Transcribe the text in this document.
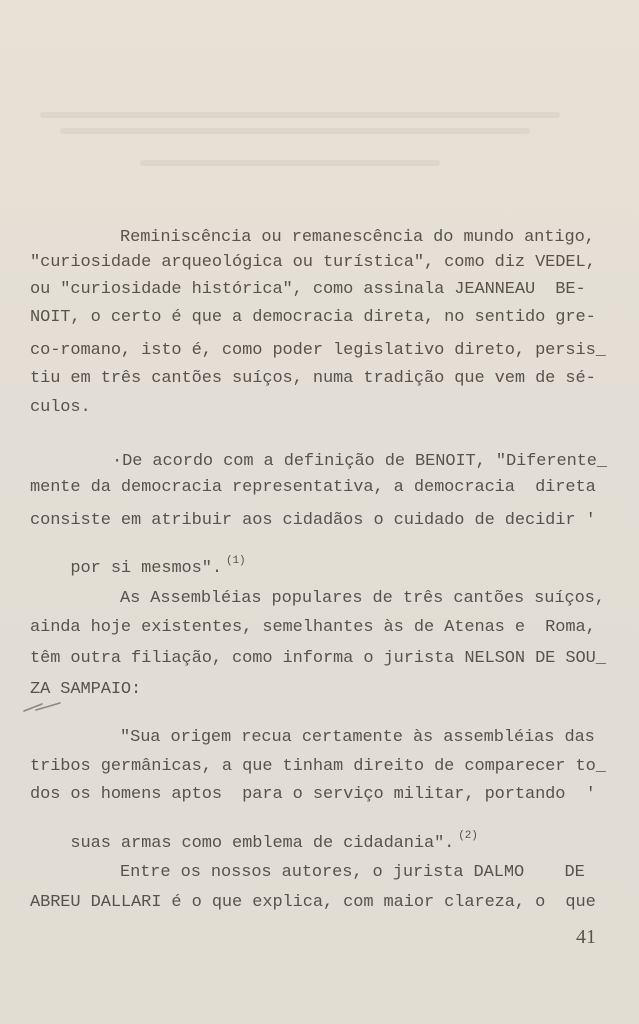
Reminiscência ou remanescência do mundo antigo,
"curiosidade arqueológica ou turística", como diz VEDEL,
ou "curiosidade histórica", como assinala JEANNEAU  BE-
NOIT, o certo é que a democracia direta, no sentido gre-
co-romano, isto é, como poder legislativo direto, persis_
tiu em três cantões suíços, numa tradição que vem de sé-
culos.
·De acordo com a definição de BENOIT, "Diferente_
mente da democracia representativa, a democracia  direta
consiste em atribuir aos cidadãos o cuidado de decidir '

por si mesmos". $^{(1)}$

As Assembléias populares de três cantões suíços,
ainda hoje existentes, semelhantes às de Atenas e  Roma,
têm outra filiação, como informa o jurista NELSON DE SOU_
ZA SAMPAIO:
"Sua origem recua certamente às assembléias das
tribos germânicas, a que tinham direito de comparecer to_
dos os homens aptos  para o serviço militar, portando  '

suas armas como emblema de cidadania". $^{(2)}$

Entre os nossos autores, o jurista DALMO    DE
ABREU DALLARI é o que explica, com maior clareza, o  que
41
